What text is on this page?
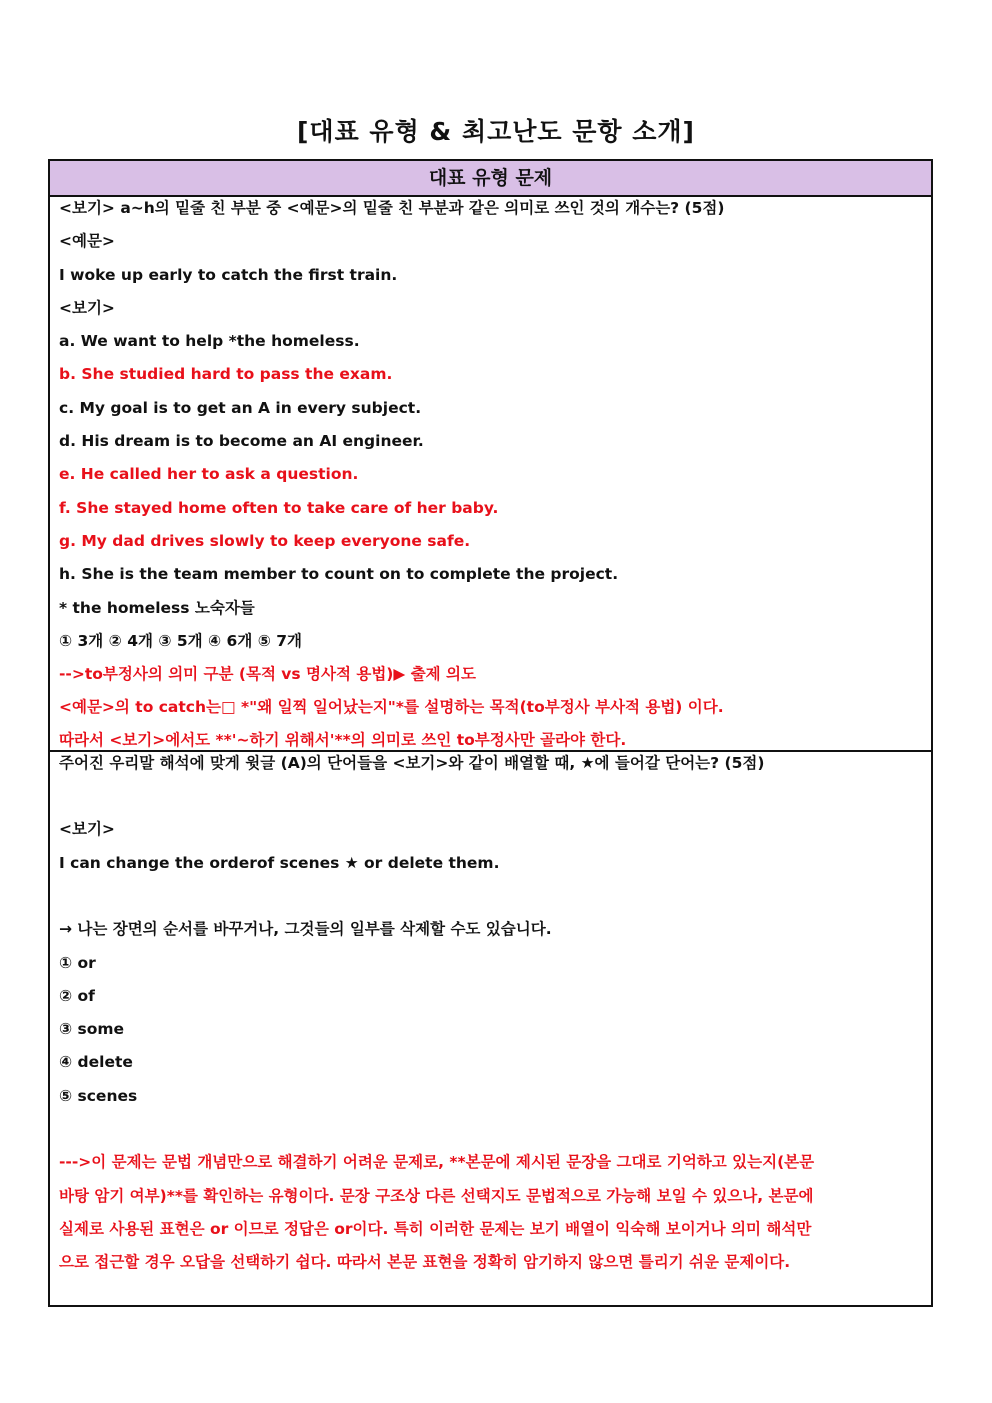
[대표 유형 & 최고난도 문항 소개]
대표 유형 문제
<보기> a~h의 밑줄 친 부분 중 <예문>의 밑줄 친 부분과 같은 의미로 쓰인 것의 개수는? (5점)
<예문>
I woke up early to catch the first train.
<보기>
a. We want to help *the homeless.
b. She studied hard to pass the exam.
c. My goal is to get an A in every subject.
d. His dream is to become an AI engineer.
e. He called her to ask a question.
f. She stayed home often to take care of her baby.
g. My dad drives slowly to keep everyone safe.
h. She is the team member to count on to complete the project.
* the homeless 노숙자들
① 3개 ② 4개 ③ 5개 ④ 6개 ⑤ 7개
-->to부정사의 의미 구분 (목적 vs 명사적 용법)▶ 출제 의도
<예문>의 to catch는□ *"왜 일찍 일어났는지"*를 설명하는 목적(to부정사 부사적 용법) 이다.
따라서 <보기>에서도 **'~하기 위해서'**의 의미로 쓰인 to부정사만 골라야 한다.
주어진 우리말 해석에 맞게 윗글 (A)의 단어들을 <보기>와 같이 배열할 때, ★에 들어갈 단어는? (5점)
<보기>
I can change the orderof scenes ★ or delete them.
→ 나는 장면의 순서를 바꾸거나, 그것들의 일부를 삭제할 수도 있습니다.
① or
② of
③ some
④ delete
⑤ scenes
--->이 문제는 문법 개념만으로 해결하기 어려운 문제로, **본문에 제시된 문장을 그대로 기억하고 있는지(본문
바탕 암기 여부)**를 확인하는 유형이다. 문장 구조상 다른 선택지도 문법적으로 가능해 보일 수 있으나, 본문에
실제로 사용된 표현은 or 이므로 정답은 or이다. 특히 이러한 문제는 보기 배열이 익숙해 보이거나 의미 해석만
으로 접근할 경우 오답을 선택하기 쉽다. 따라서 본문 표현을 정확히 암기하지 않으면 틀리기 쉬운 문제이다.
